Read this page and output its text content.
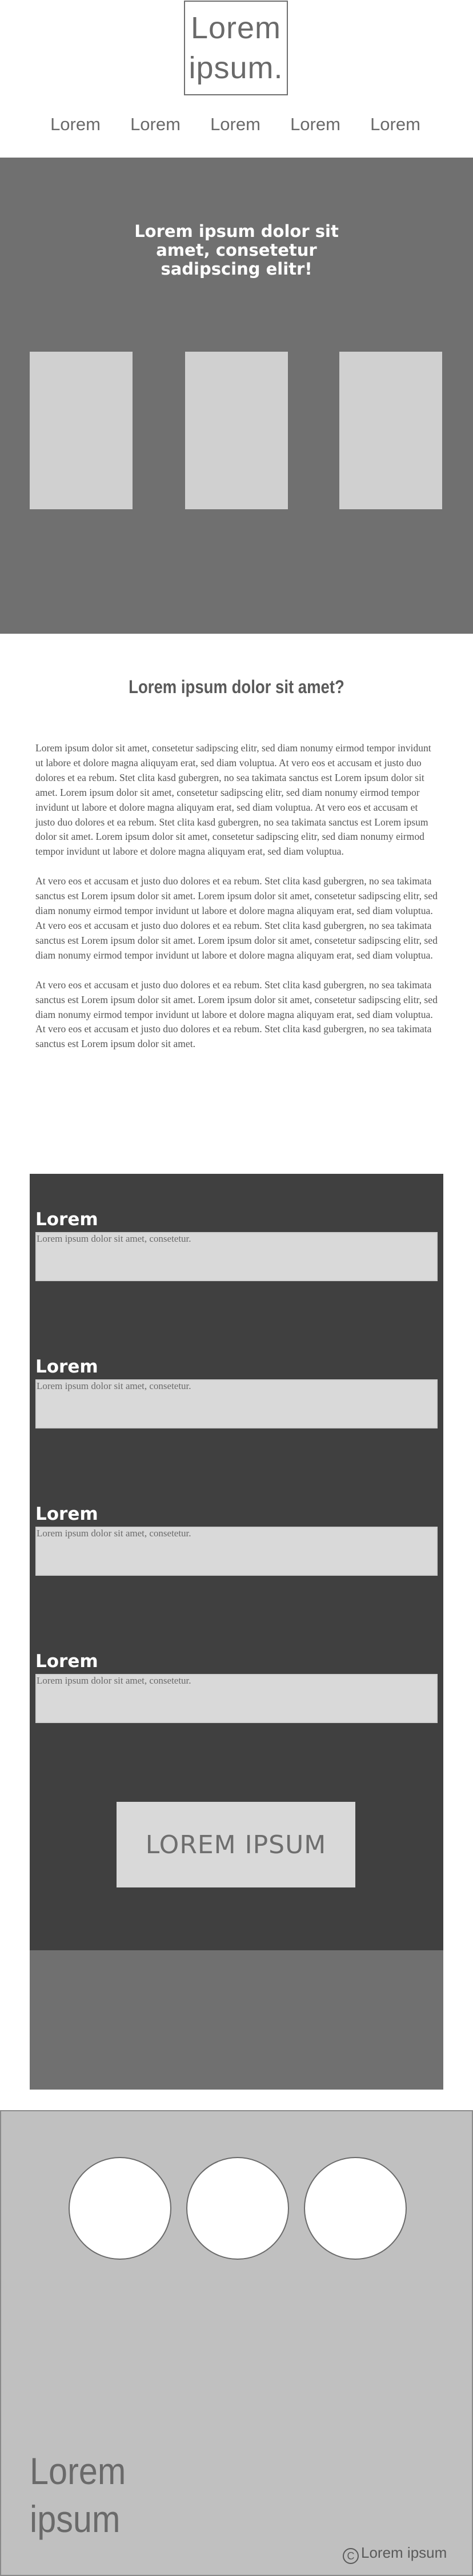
Lorem
ipsum.
Lorem	Lorem	Lorem	Lorem	Lorem
Lorem ipsum dolor sit amet, consetetur sadipscing elitr!
Lorem ipsum dolor sit amet?

Lorem ipsum dolor sit amet, consetetur sadipscing elitr, sed diam nonumy eirmod tempor invidunt ut labore et dolore magna aliquyam erat, sed diam voluptua. At vero eos et accusam et justo duo dolores et ea rebum. Stet clita kasd gubergren, no sea takimata sanctus est Lorem ipsum dolor sit amet. Lorem ipsum dolor sit amet, consetetur sadipscing elitr, sed diam nonumy eirmod tempor invidunt ut labore et dolore magna aliquyam erat, sed diam voluptua. At vero eos et accusam et justo duo dolores et ea rebum. Stet clita kasd gubergren, no sea takimata sanctus est Lorem ipsum dolor sit amet. Lorem ipsum dolor sit amet, consetetur sadipscing elitr, sed diam nonumy eirmod tempor invidunt ut labore et dolore magna aliquyam erat, sed diam voluptua.

At vero eos et accusam et justo duo dolores et ea rebum. Stet clita kasd gubergren, no sea takimata sanctus est Lorem ipsum dolor sit amet. Lorem ipsum dolor sit amet, consetetur sadipscing elitr, sed diam nonumy eirmod tempor invidunt ut labore et dolore magna aliquyam erat, sed diam voluptua. At vero eos et accusam et justo duo dolores et ea rebum. Stet clita kasd gubergren, no sea takimata sanctus est Lorem ipsum dolor sit amet. Lorem ipsum dolor sit amet, consetetur sadipscing elitr, sed diam nonumy eirmod tempor invidunt ut labore et dolore magna aliquyam erat, sed diam voluptua.

At vero eos et accusam et justo duo dolores et ea rebum. Stet clita kasd gubergren, no sea takimata sanctus est Lorem ipsum dolor sit amet. Lorem ipsum dolor sit amet, consetetur sadipscing elitr, sed diam nonumy eirmod tempor invidunt ut labore et dolore magna aliquyam erat, sed diam voluptua. At vero eos et accusam et justo duo dolores et ea rebum. Stet clita kasd gubergren, no sea takimata sanctus est Lorem ipsum dolor sit amet.

Lorem
Lorem ipsum dolor sit amet, consetetur.
Lorem
Lorem ipsum dolor sit amet, consetetur.
Lorem
Lorem ipsum dolor sit amet, consetetur.
Lorem
Lorem ipsum dolor sit amet, consetetur.
LOREM IPSUM
Lorem
ipsum
C Lorem ipsum
